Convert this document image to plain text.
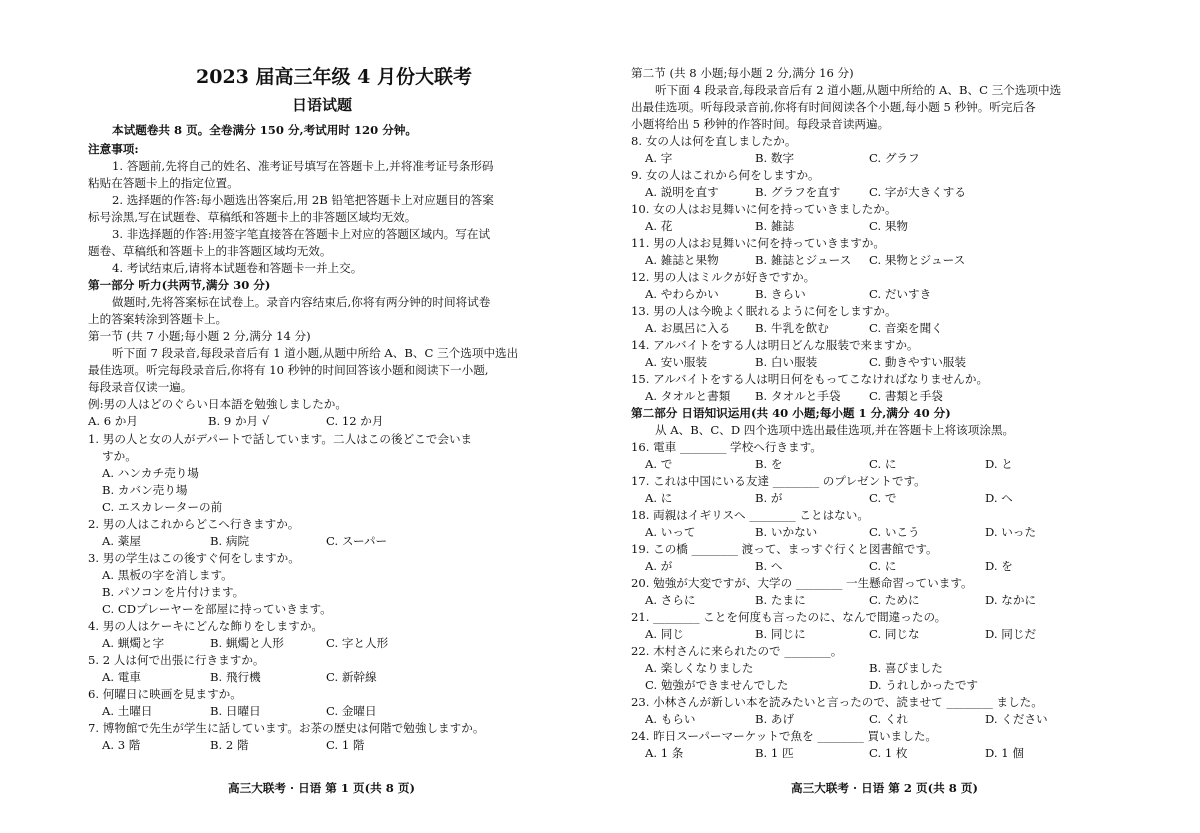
2023 届高三年级 4 月份大联考
日语试题
本试题卷共 8 页。全卷满分 150 分,考试用时 120 分钟。
注意事项:
1. 答题前,先将自己的姓名、准考证号填写在答题卡上,并将准考证号条形码
粘贴在答题卡上的指定位置。
2. 选择题的作答:每小题选出答案后,用 2B 铅笔把答题卡上对应题目的答案
标号涂黑,写在试题卷、草稿纸和答题卡上的非答题区域均无效。
3. 非选择题的作答:用签字笔直接答在答题卡上对应的答题区域内。写在试
题卷、草稿纸和答题卡上的非答题区域均无效。
4. 考试结束后,请将本试题卷和答题卡一并上交。
第一部分 听力(共两节,满分 30 分)
做题时,先将答案标在试卷上。录音内容结束后,你将有两分钟的时间将试卷
上的答案转涂到答题卡上。
第一节 (共 7 小题;每小题 2 分,满分 14 分)
听下面 7 段录音,每段录音后有 1 道小题,从题中所给 A、B、C 三个选项中选出
最佳选项。听完每段录音后,你将有 10 秒钟的时间回答该小题和阅读下一小题,
每段录音仅读一遍。
例:男の人はどのぐらい日本語を勉強しましたか。
A. 6 か月	B. 9 か月 √	C. 12 か月
1. 男の人と女の人がデパートで話しています。二人はこの後どこで会いま
すか。
A. ハンカチ売り場
B. カバン売り場
C. エスカレーターの前
2. 男の人はこれからどこへ行きますか。
A. 薬屋	B. 病院	C. スーパー
3. 男の学生はこの後すぐ何をしますか。
A. 黒板の字を消します。
B. パソコンを片付けます。
C. CDプレーヤーを部屋に持っていきます。
4. 男の人はケーキにどんな飾りをしますか。
A. 蝋燭と字	B. 蝋燭と人形	C. 字と人形
5. 2 人は何で出張に行きますか。
A. 電車	B. 飛行機	C. 新幹線
6. 何曜日に映画を見ますか。
A. 土曜日	B. 日曜日	C. 金曜日
7. 博物館で先生が学生に話しています。お茶の歴史は何階で勉強しますか。
A. 3 階	B. 2 階	C. 1 階
高三大联考 · 日语 第 1 页(共 8 页)
第二节 (共 8 小题;每小题 2 分,满分 16 分)
听下面 4 段录音,每段录音后有 2 道小题,从题中所给的 A、B、C 三个选项中选
出最佳选项。听每段录音前,你将有时间阅读各个小题,每小题 5 秒钟。听完后各
小题将给出 5 秒钟的作答时间。每段录音读两遍。
8. 女の人は何を直しましたか。
A. 字	B. 数字	C. グラフ
9. 女の人はこれから何をしますか。
A. 説明を直す	B. グラフを直す C. 字が大きくする
10. 女の人はお見舞いに何を持っていきましたか。
A. 花	B. 雑誌	C. 果物
11. 男の人はお見舞いに何を持っていきますか。
A. 雑誌と果物	B. 雑誌とジュース C. 果物とジュース
12. 男の人はミルクが好きですか。
A. やわらかい	B. きらい	C. だいすき
13. 男の人は今晩よく眠れるように何をしますか。
A. お風呂に入る B. 牛乳を飲む	C. 音楽を聞く
14. アルバイトをする人は明日どんな服装で来ますか。
A. 安い服装	B. 白い服装	C. 動きやすい服装
15. アルバイトをする人は明日何をもってこなければなりませんか。
A. タオルと書類 B. タオルと手袋 C. 書類と手袋
第二部分 日语知识运用(共 40 小题;每小题 1 分,满分 40 分)
从 A、B、C、D 四个选项中选出最佳选项,并在答题卡上将该项涂黑。
16. 電車 ________ 学校へ行きます。
A. で	B. を	C. に	D. と
17. これは中国にいる友達 ________ のプレゼントです。
A. に	B. が	C. で	D. へ
18. 両親はイギリスへ ________ ことはない。
A. いって	B. いかない	C. いこう	D. いった
19. この橋 ________ 渡って、まっすぐ行くと図書館です。
A. が	B. へ	C. に	D. を
20. 勉強が大変ですが、大学の ________ 一生懸命習っています。
A. さらに	B. たまに	C. ために	D. なかに
21. ________ ことを何度も言ったのに、なんで間違ったの。
A. 同じ	B. 同じに	C. 同じな	D. 同じだ
22. 木村さんに来られたので ________。
A. 楽しくなりました	B. 喜びました
C. 勉強ができませんでした	D. うれしかったです
23. 小林さんが新しい本を読みたいと言ったので、読ませて ________ ました。
A. もらい	B. あげ	C. くれ	D. ください
24. 昨日スーパーマーケットで魚を ________ 買いました。
A. 1 条	B. 1 匹	C. 1 枚	D. 1 個
高三大联考 · 日语 第 2 页(共 8 页)
